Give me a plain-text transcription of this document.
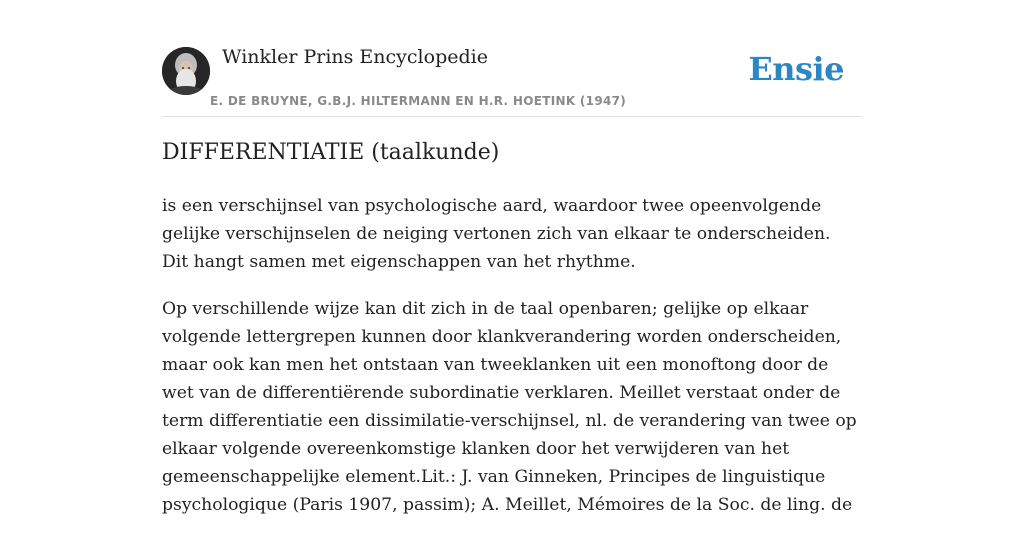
Winkler Prins Encyclopedie
E. DE BRUYNE, G.B.J. HILTERMANN EN H.R. HOETINK (1947)
Ensie
DIFFERENTIATIE (taalkunde)

is een verschijnsel van psychologische aard, waardoor twee opeenvolgende gelijke verschijnselen de neiging vertonen zich van elkaar te onderscheiden. Dit hangt samen met eigenschappen van het rhythme.

Op verschillende wijze kan dit zich in de taal openbaren; gelijke op elkaar volgende lettergrepen kunnen door klankverandering worden onderscheiden, maar ook kan men het ontstaan van tweeklanken uit een monoftong door de wet van de differentiërende subordinatie verklaren. Meillet verstaat onder de term differentiatie een dissimilatie-verschijnsel, nl. de verandering van twee op elkaar volgende overeenkomstige klanken door het verwijderen van het gemeenschappelijke element.Lit.: J. van Ginneken, Principes de linguistique psychologique (Paris 1907, passim); A. Meillet, Mémoires de la Soc. de ling. de
